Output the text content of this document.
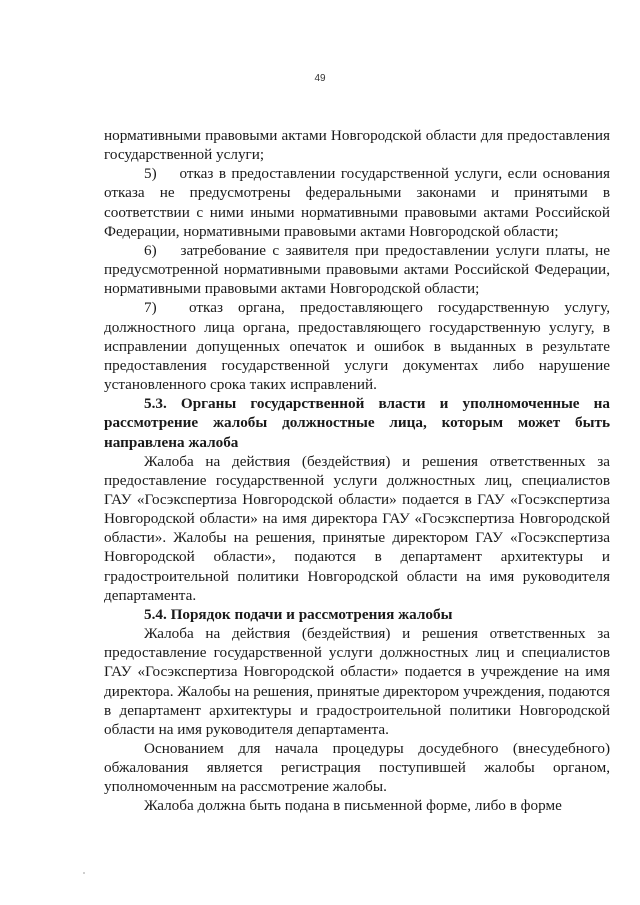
49

нормативными правовыми актами Новгородской области для предоставления государственной услуги;

5) отказ в предоставлении государственной услуги, если основания отказа не предусмотрены федеральными законами и принятыми в соответствии с ними иными нормативными правовыми актами Российской Федерации, нормативными правовыми актами Новгородской области;

6) затребование с заявителя при предоставлении услуги платы, не предусмотренной нормативными правовыми актами Российской Федерации, нормативными правовыми актами Новгородской области;

7) отказ органа, предоставляющего государственную услугу, должностного лица органа, предоставляющего государственную услугу, в исправлении допущенных опечаток и ошибок в выданных в результате предоставления государственной услуги документах либо нарушение установленного срока таких исправлений.

5.3. Органы государственной власти и уполномоченные на рассмотрение жалобы должностные лица, которым может быть направлена жалоба

Жалоба на действия (бездействия) и решения ответственных за предоставление государственной услуги должностных лиц, специалистов ГАУ «Госэкспертиза Новгородской области» подается в ГАУ «Госэкспертиза Новгородской области» на имя директора ГАУ «Госэкспертиза Новгородской области». Жалобы на решения, принятые директором ГАУ «Госэкспертиза Новгородской области», подаются в департамент архитектуры и градостроительной политики Новгородской области на имя руководителя департамента.

5.4. Порядок подачи и рассмотрения жалобы

Жалоба на действия (бездействия) и решения ответственных за предоставление государственной услуги должностных лиц и специалистов ГАУ «Госэкспертиза Новгородской области» подается в учреждение на имя директора. Жалобы на решения, принятые директором учреждения, подаются в департамент архитектуры и градостроительной политики Новгородской области на имя руководителя департамента.

Основанием для начала процедуры досудебного (внесудебного) обжалования является регистрация поступившей жалобы органом, уполномоченным на рассмотрение жалобы.

Жалоба должна быть подана в письменной форме, либо в форме
